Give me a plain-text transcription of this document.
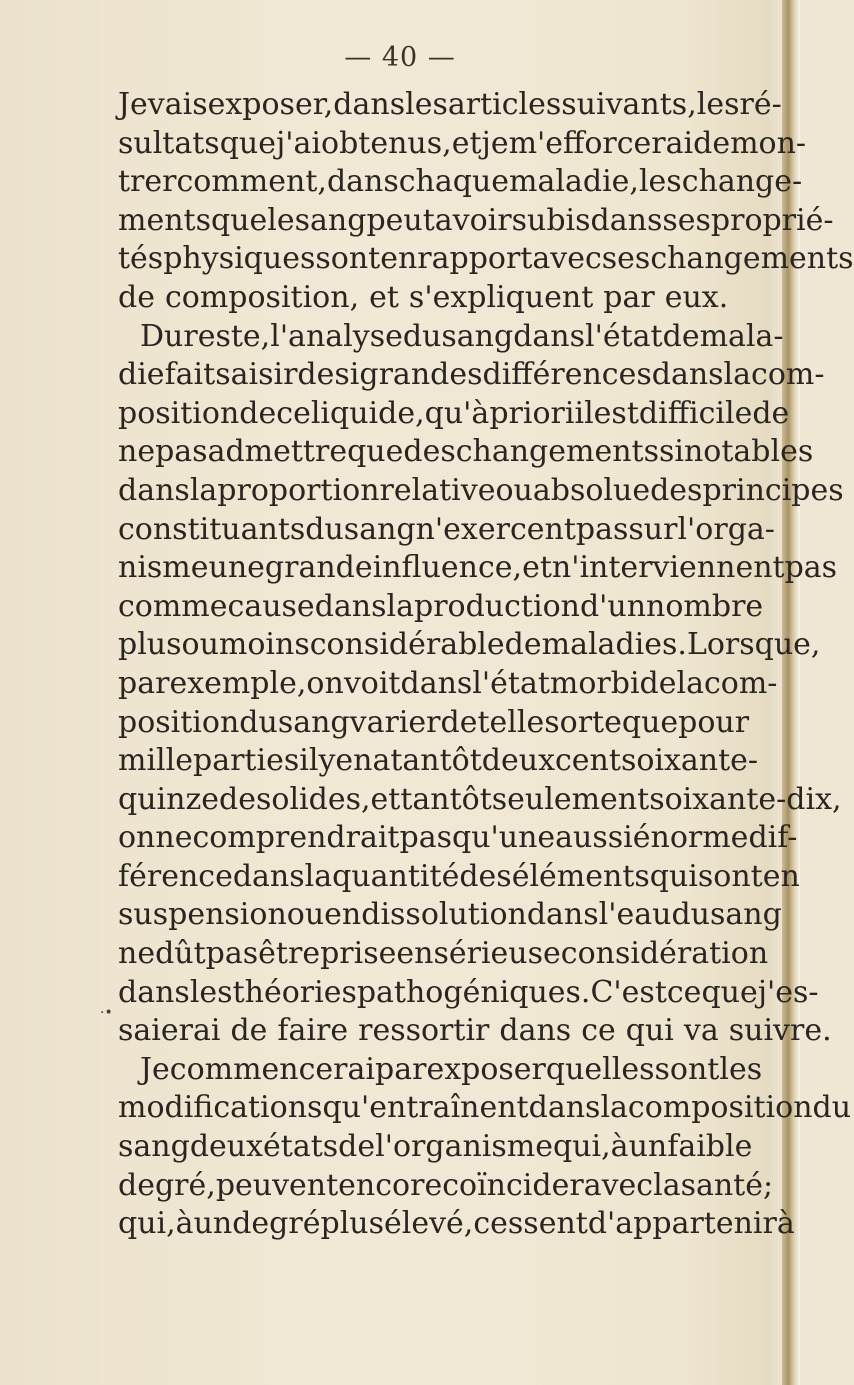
— 40 —
Je vais exposer, dans les articles suivants, les ré-
sultats que j'ai obtenus , et je m'efforcerai de mon-
trer comment, dans chaque maladie, les change-
ments que le sang peut avoir subis dans ses proprié-
tés physiques sont en rapport avec ses changements
de composition, et s'expliquent par eux.
Du reste, l'analyse du sang dans l'état de mala-
die fait saisir de si grandes différences dans la com-
position de ce liquide , qu'à priori il est difficile de
ne pas admettre que des changements si notables
dans la proportion relative ou absolue des principes
constituants du sang n'exercent pas sur l'orga-
nisme une grande influence, et n'interviennent pas
comme cause dans la production d'un nombre
plus ou moins considérable de maladies. Lorsque,
par exemple , on voit dans l'état morbide la com-
position du sang varier de telle sorte que pour
mille parties il y en a tantôt deux cent soixante-
quinze de solides , et tantôt seulement soixante-dix,
on ne comprendrait pas qu'une aussi énorme dif-
férence dans la quantité des éléments qui sont en
suspension ou en dissolution dans l'eau du sang
ne dût pas être prise en sérieuse considération
dans les théories pathogéniques. C'est ce que j'es-
saierai de faire ressortir dans ce qui va suivre.
Je commencerai par exposer quelles sont les
modifications qu'entraînent dans la composition du
sang deux états de l'organisme qui , à un faible
degré , peuvent encore coïncider avec la santé ;
qui , à un degré plus élevé, cessent d'appartenir à
·•
